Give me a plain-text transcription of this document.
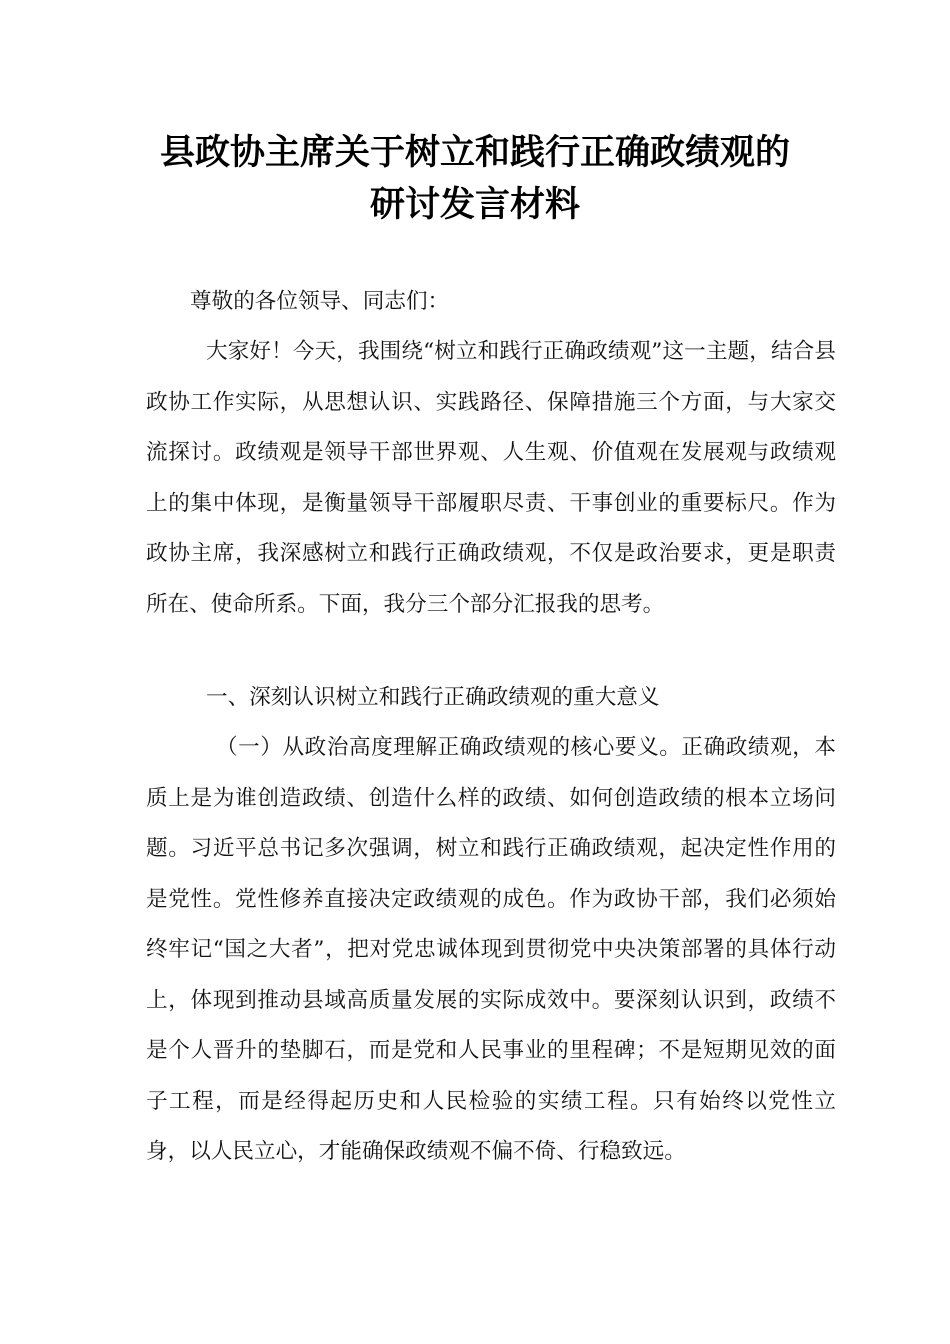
县政协主席关于树立和践行正确政绩观的
研讨发言材料

尊敬的各位领导、同志们：

大家好！今天，我围绕“树立和践行正确政绩观”这一主题，结合县政协工作实际，从思想认识、实践路径、保障措施三个方面，与大家交流探讨。政绩观是领导干部世界观、人生观、价值观在发展观与政绩观上的集中体现，是衡量领导干部履职尽责、干事创业的重要标尺。作为政协主席，我深感树立和践行正确政绩观，不仅是政治要求，更是职责所在、使命所系。下面，我分三个部分汇报我的思考。

一、深刻认识树立和践行正确政绩观的重大意义

（一）从政治高度理解正确政绩观的核心要义。正确政绩观，本质上是为谁创造政绩、创造什么样的政绩、如何创造政绩的根本立场问题。习近平总书记多次强调，树立和践行正确政绩观，起决定性作用的是党性。党性修养直接决定政绩观的成色。作为政协干部，我们必须始终牢记“国之大者”，把对党忠诚体现到贯彻党中央决策部署的具体行动上，体现到推动县域高质量发展的实际成效中。要深刻认识到，政绩不是个人晋升的垫脚石，而是党和人民事业的里程碑；不是短期见效的面子工程，而是经得起历史和人民检验的实绩工程。只有始终以党性立身，以人民立心，才能确保政绩观不偏不倚、行稳致远。
